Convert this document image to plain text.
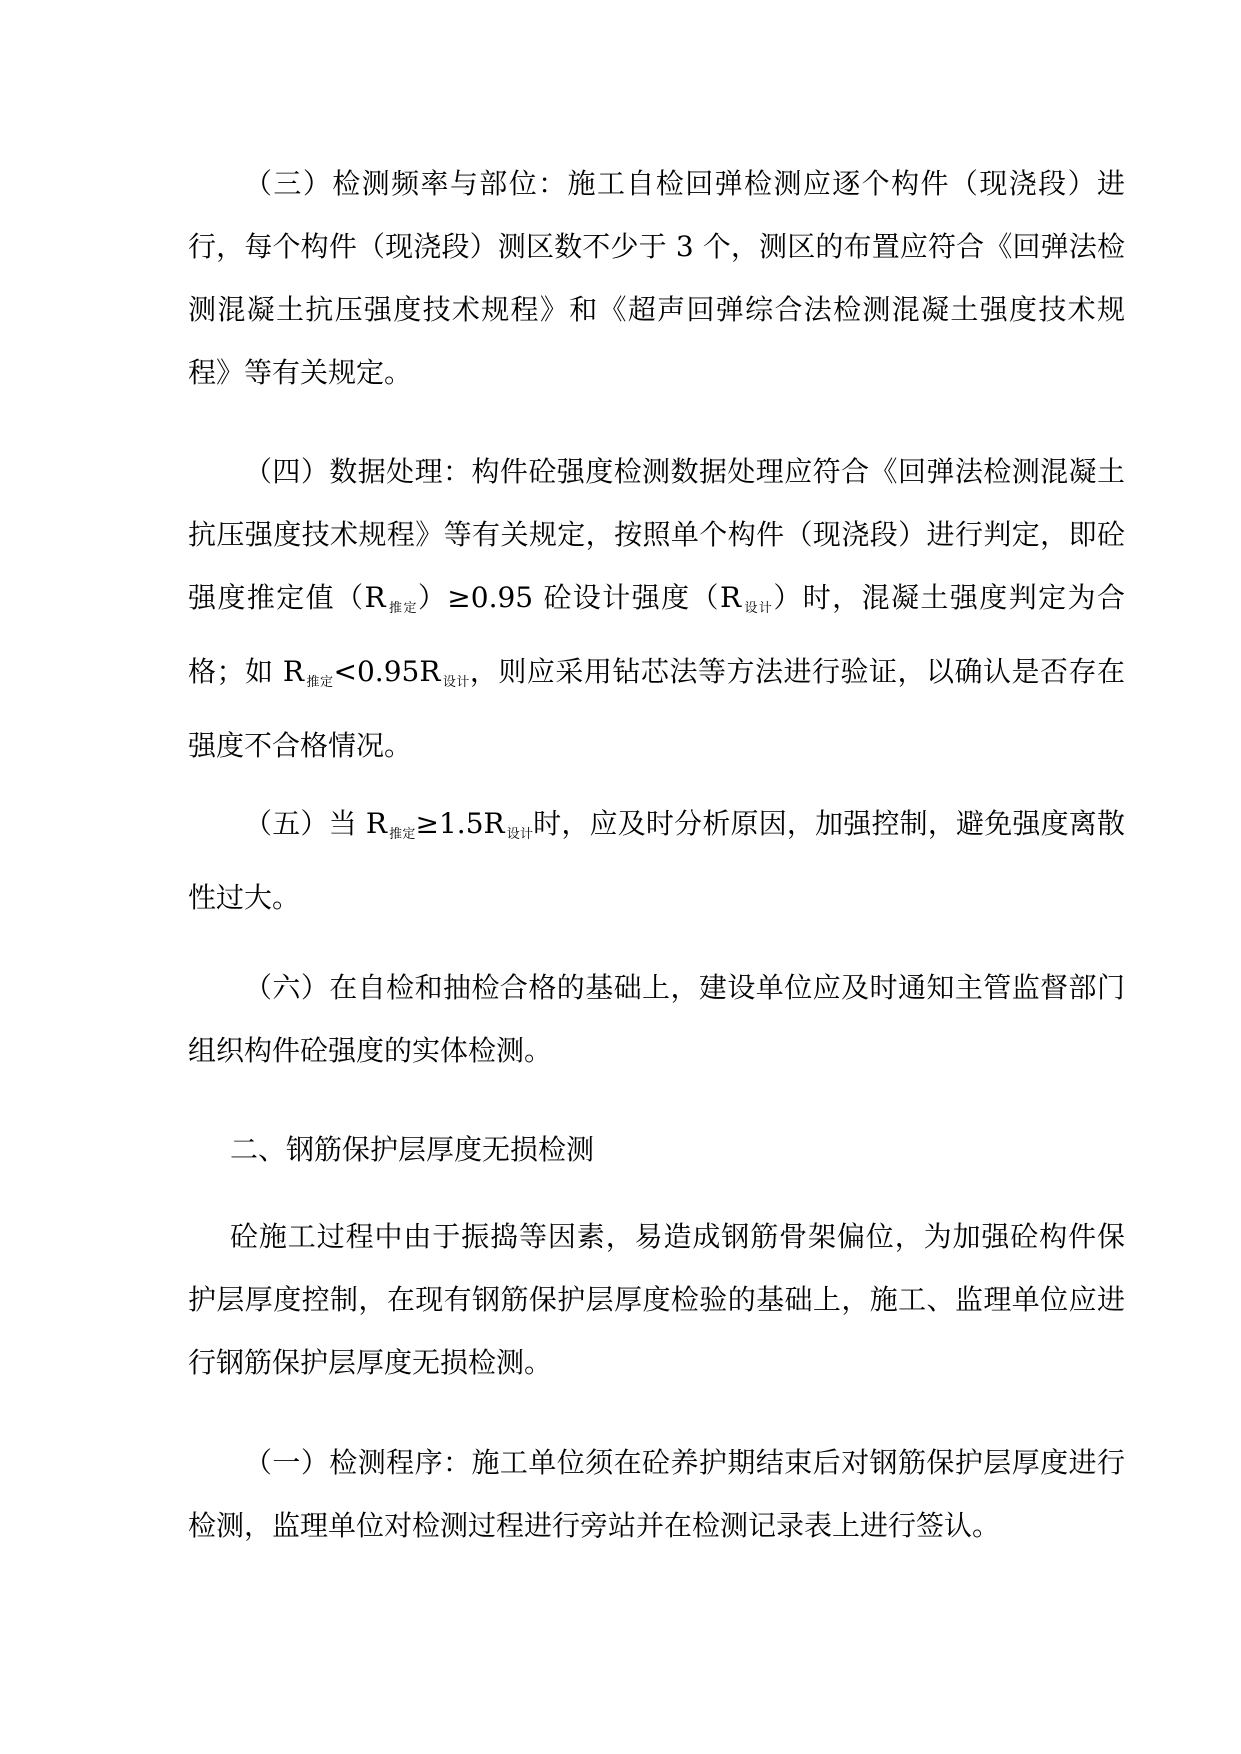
（三）检测频率与部位：施工自检回弹检测应逐个构件（现浇段）进行，每个构件（现浇段）测区数不少于 3 个，测区的布置应符合《回弹法检测混凝土抗压强度技术规程》和《超声回弹综合法检测混凝土强度技术规程》等有关规定。

（四）数据处理：构件砼强度检测数据处理应符合《回弹法检测混凝土抗压强度技术规程》等有关规定，按照单个构件（现浇段）进行判定，即砼强度推定值（R $_{推定}$）≥0.95 砼设计强度（R $_{设计}$）时，混凝土强度判定为合格；如 R $_{推定}$<0.95R $_{设计}$，则应采用钻芯法等方法进行验证，以确认是否存在强度不合格情况。

（五）当 R $_{推定}$≥1.5R $_{设计}$时，应及时分析原因，加强控制，避免强度离散性过大。

（六）在自检和抽检合格的基础上，建设单位应及时通知主管监督部门组织构件砼强度的实体检测。

二、钢筋保护层厚度无损检测

砼施工过程中由于振捣等因素，易造成钢筋骨架偏位，为加强砼构件保护层厚度控制，在现有钢筋保护层厚度检验的基础上，施工、监理单位应进行钢筋保护层厚度无损检测。

（一）检测程序：施工单位须在砼养护期结束后对钢筋保护层厚度进行检测，监理单位对检测过程进行旁站并在检测记录表上进行签认。
